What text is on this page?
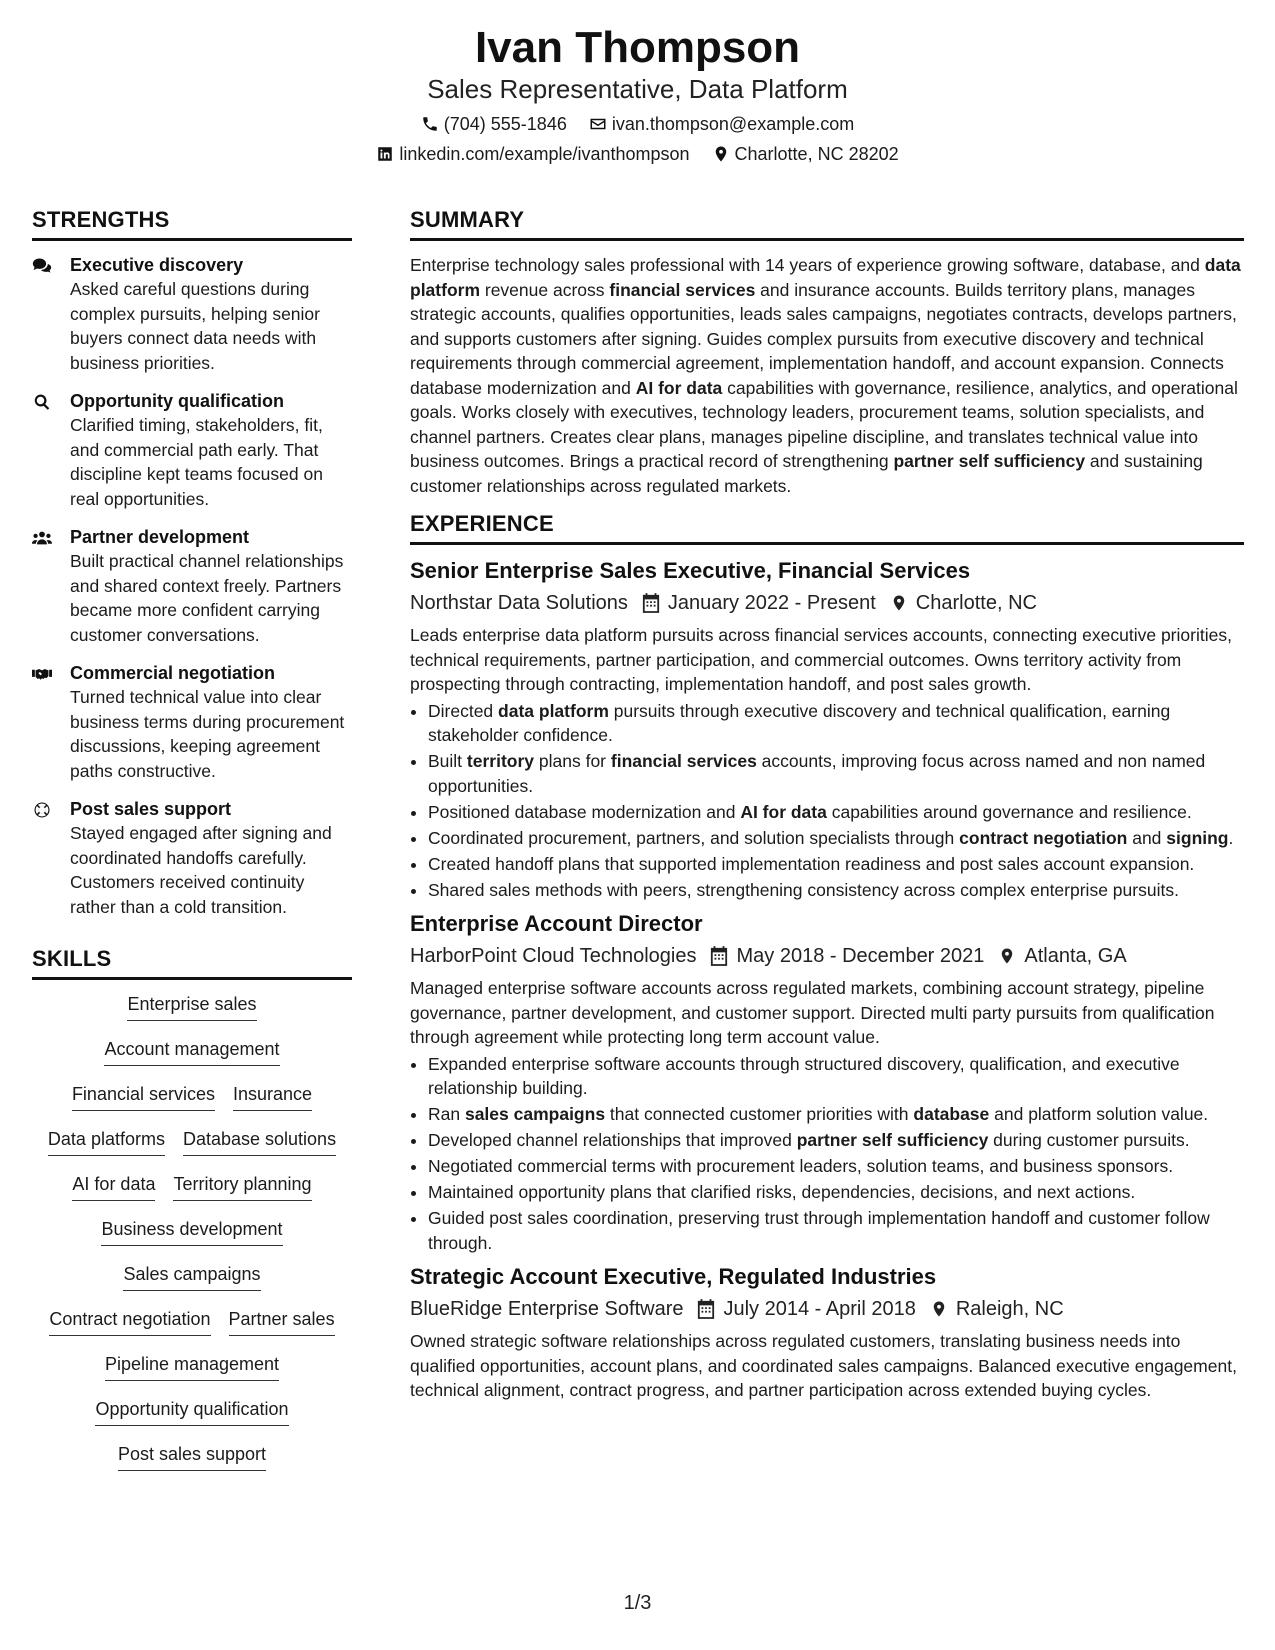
Ivan Thompson
Sales Representative, Data Platform
(704) 555-1846	ivan.thompson@example.com
linkedin.com/example/ivanthompson	Charlotte, NC 28202
STRENGTHS
Executive discovery
Asked careful questions during complex pursuits, helping senior buyers connect data needs with business priorities.
Opportunity qualification
Clarified timing, stakeholders, fit, and commercial path early. That discipline kept teams focused on real opportunities.
Partner development
Built practical channel relationships and shared context freely. Partners became more confident carrying customer conversations.
Commercial negotiation
Turned technical value into clear business terms during procurement discussions, keeping agreement paths constructive.
Post sales support
Stayed engaged after signing and coordinated handoffs carefully. Customers received continuity rather than a cold transition.
SKILLS
Enterprise sales
Account management
Financial services Insurance
Data platforms Database solutions
AI for data Territory planning
Business development
Sales campaigns
Contract negotiation Partner sales
Pipeline management
Opportunity qualification
Post sales support
SUMMARY

Enterprise technology sales professional with 14 years of experience growing software, database, and data platform revenue across financial services and insurance accounts. Builds territory plans, manages strategic accounts, qualifies opportunities, leads sales campaigns, negotiates contracts, develops partners, and supports customers after signing. Guides complex pursuits from executive discovery and technical requirements through commercial agreement, implementation handoff, and account expansion. Connects database modernization and AI for data capabilities with governance, resilience, analytics, and operational goals. Works closely with executives, technology leaders, procurement teams, solution specialists, and channel partners. Creates clear plans, manages pipeline discipline, and translates technical value into business outcomes. Brings a practical record of strengthening partner self sufficiency and sustaining customer relationships across regulated markets.

EXPERIENCE
Senior Enterprise Sales Executive, Financial Services
Northstar Data Solutions January 2022 - Present Charlotte, NC

Leads enterprise data platform pursuits across financial services accounts, connecting executive priorities, technical requirements, partner participation, and commercial outcomes. Owns territory activity from prospecting through contracting, implementation handoff, and post sales growth.

• Directed data platform pursuits through executive discovery and technical qualification, earning stakeholder confidence.
• Built territory plans for financial services accounts, improving focus across named and non named opportunities.
• Positioned database modernization and AI for data capabilities around governance and resilience.
• Coordinated procurement, partners, and solution specialists through contract negotiation and signing.
• Created handoff plans that supported implementation readiness and post sales account expansion.
• Shared sales methods with peers, strengthening consistency across complex enterprise pursuits.
Enterprise Account Director
HarborPoint Cloud Technologies May 2018 - December 2021 Atlanta, GA

Managed enterprise software accounts across regulated markets, combining account strategy, pipeline governance, partner development, and customer support. Directed multi party pursuits from qualification through agreement while protecting long term account value.

• Expanded enterprise software accounts through structured discovery, qualification, and executive relationship building.
• Ran sales campaigns that connected customer priorities with database and platform solution value.
• Developed channel relationships that improved partner self sufficiency during customer pursuits.
• Negotiated commercial terms with procurement leaders, solution teams, and business sponsors.
• Maintained opportunity plans that clarified risks, dependencies, decisions, and next actions.
• Guided post sales coordination, preserving trust through implementation handoff and customer follow through.
Strategic Account Executive, Regulated Industries
BlueRidge Enterprise Software July 2014 - April 2018 Raleigh, NC

Owned strategic software relationships across regulated customers, translating business needs into qualified opportunities, account plans, and coordinated sales campaigns. Balanced executive engagement, technical alignment, contract progress, and partner participation across extended buying cycles.

1/3
